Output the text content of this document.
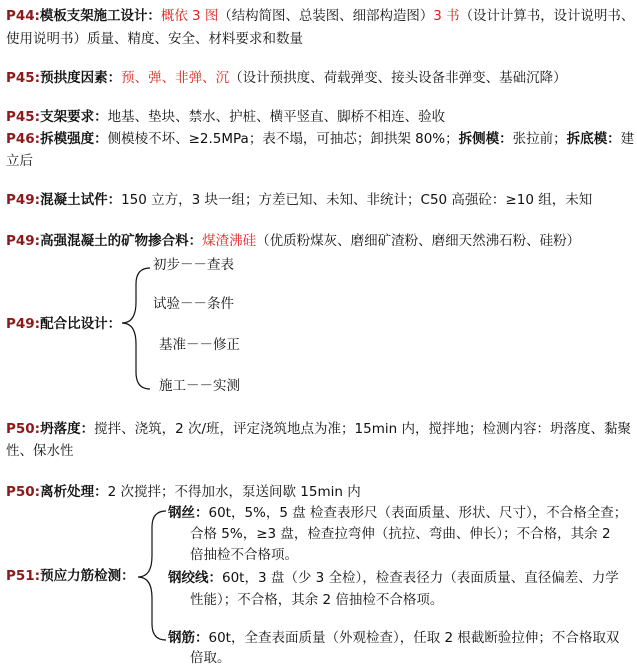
P44:模板支架施工设计：概依 3 图（结构简图、总装图、细部构造图）3 书（设计计算书，设计说明书、
使用说明书）质量、精度、安全、材料要求和数量
P45:预拱度因素：预、弹、非弹、沉（设计预拱度、荷载弹变、接头设备非弹变、基础沉降）
P45:支架要求：地基、垫块、禁水、护桩、横平竖直、脚桥不相连、验收
P46:拆模强度：侧模棱不坏、≥2.5MPa；表不塌，可抽芯；卸拱架 80%；拆侧模：张拉前；拆底模：建
立后
P49:混凝土试件：150 立方，3 块一组；方差已知、未知、非统计；C50 高强砼：≥10 组，未知
P49:高强混凝土的矿物掺合料：煤渣沸硅（优质粉煤灰、磨细矿渣粉、磨细天然沸石粉、硅粉）
P49:配合比设计：
初步－－查表
试验－－条件
基准－－修正
施工－－实测
P50:坍落度：搅拌、浇筑，2 次/班，评定浇筑地点为准；15min 内，搅拌地；检测内容：坍落度、黏聚
性、保水性
P50:离析处理：2 次搅拌；不得加水，泵送间歇 15min 内
P51:预应力筋检测：
钢丝：60t，5%，5 盘 检查表形尺（表面质量、形状、尺寸），不合格全查；
合格 5%，≥3 盘，检查拉弯伸（抗拉、弯曲、伸长）；不合格，其余 2
倍抽检不合格项。
钢绞线：60t，3 盘（少 3 全检），检查表径力（表面质量、直径偏差、力学
性能）；不合格，其余 2 倍抽检不合格项。
钢筋：60t，全查表面质量（外观检查），任取 2 根截断验拉伸；不合格取双
倍取。
